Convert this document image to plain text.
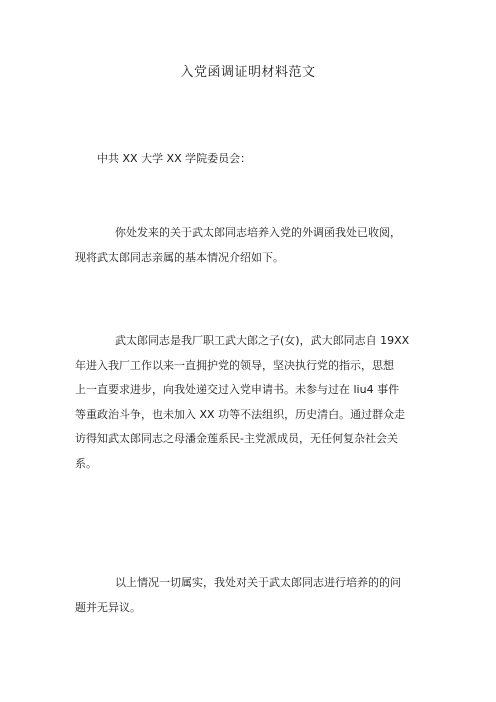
入党函调证明材料范文
中共 XX 大学 XX 学院委员会：

你处发来的关于武太郎同志培养入党的外调函我处已收阅，
现将武太郎同志亲属的基本情况介绍如下。

武太郎同志是我厂职工武大郎之子(女)，武大郎同志自 19XX
年进入我厂工作以来一直拥护党的领导，坚决执行党的指示，思想
上一直要求进步，向我处递交过入党申请书。未参与过在 liu4 事件
等重政治斗争，也未加入 XX 功等不法组织，历史清白。通过群众走
访得知武太郎同志之母潘金莲系民-主党派成员，无任何复杂社会关
系。

以上情况一切属实，我处对关于武太郎同志进行培养的的问
题并无异议。
